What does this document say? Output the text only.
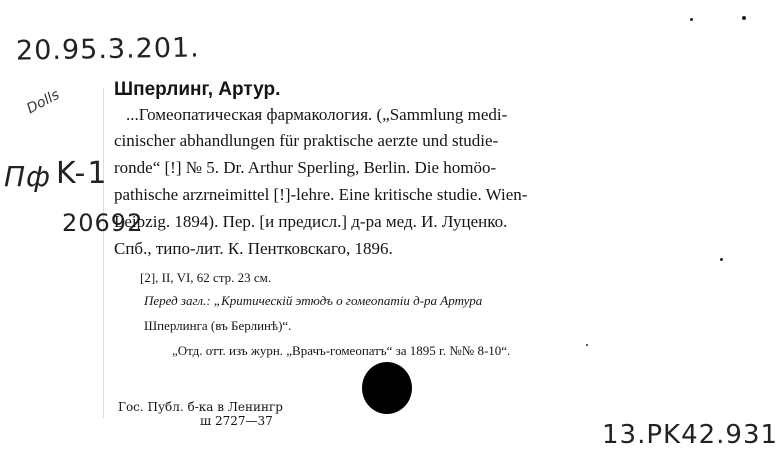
20.95.3.201.
Dolls
Пф K-1
20692
Шперлинг, Артур.
...Гомеопатическая фармакология. („Sammlung medi-
cinischer abhandlungen für praktische aerzte und studie-
ronde“ [!] № 5. Dr. Arthur Sperling, Berlin. Die homöo-
pathische arzrneimittel [!]-lehre. Eine kritische studie. Wien-
Leipzig. 1894). Пер. [и предисл.] д-ра мед. И. Луценко.
Спб., типо-лит. К. Пентковскаго, 1896.
[2], II, VI, 62 стр. 23 см.
Перед загл.: „Критическій этюдъ о гомеопатіи д-ра Артура
Шперлинга (въ Берлинѣ)“.
„Отд. отт. изъ журн. „Врачъ-гомеопатъ“ за 1895 г. №№ 8-10“.
Гос. Публ. б-ка в Ленингр
ш 2727—37	13.PK42.931
